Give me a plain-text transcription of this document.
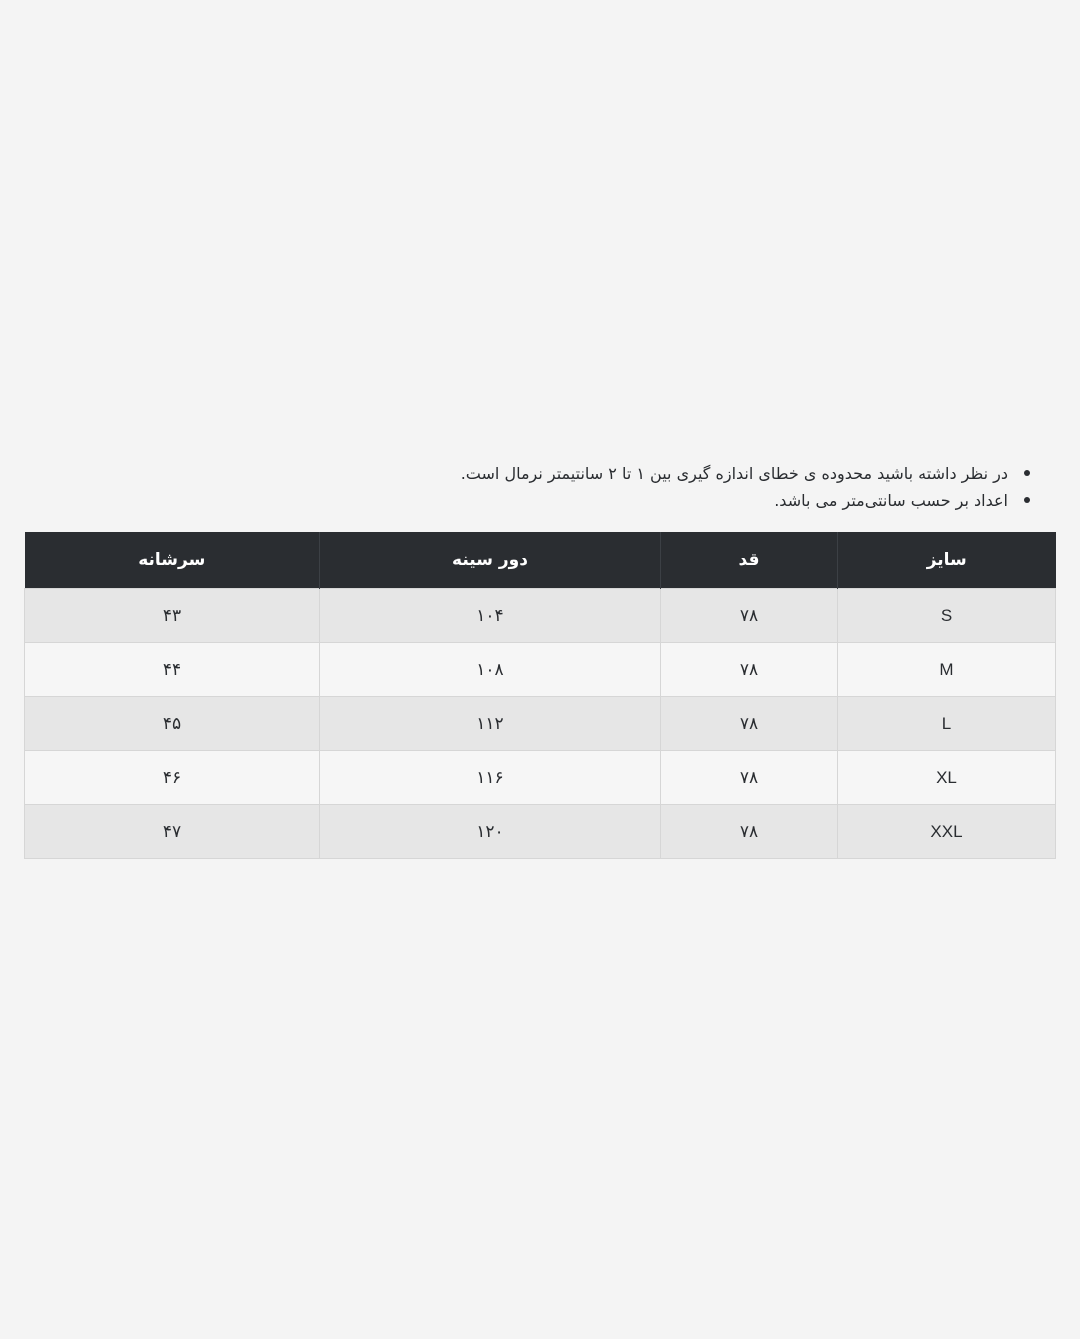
در نظر داشته باشید محدوده ی خطای اندازه گیری بین ۱ تا ۲ سانتیمتر نرمال است.
اعداد بر حسب سانتی‌متر می باشد.
سایز	قد	دور سینه	سرشانه
S	۷۸	۱۰۴	۴۳
M	۷۸	۱۰۸	۴۴
L	۷۸	۱۱۲	۴۵
XL	۷۸	۱۱۶	۴۶
XXL	۷۸	۱۲۰	۴۷
